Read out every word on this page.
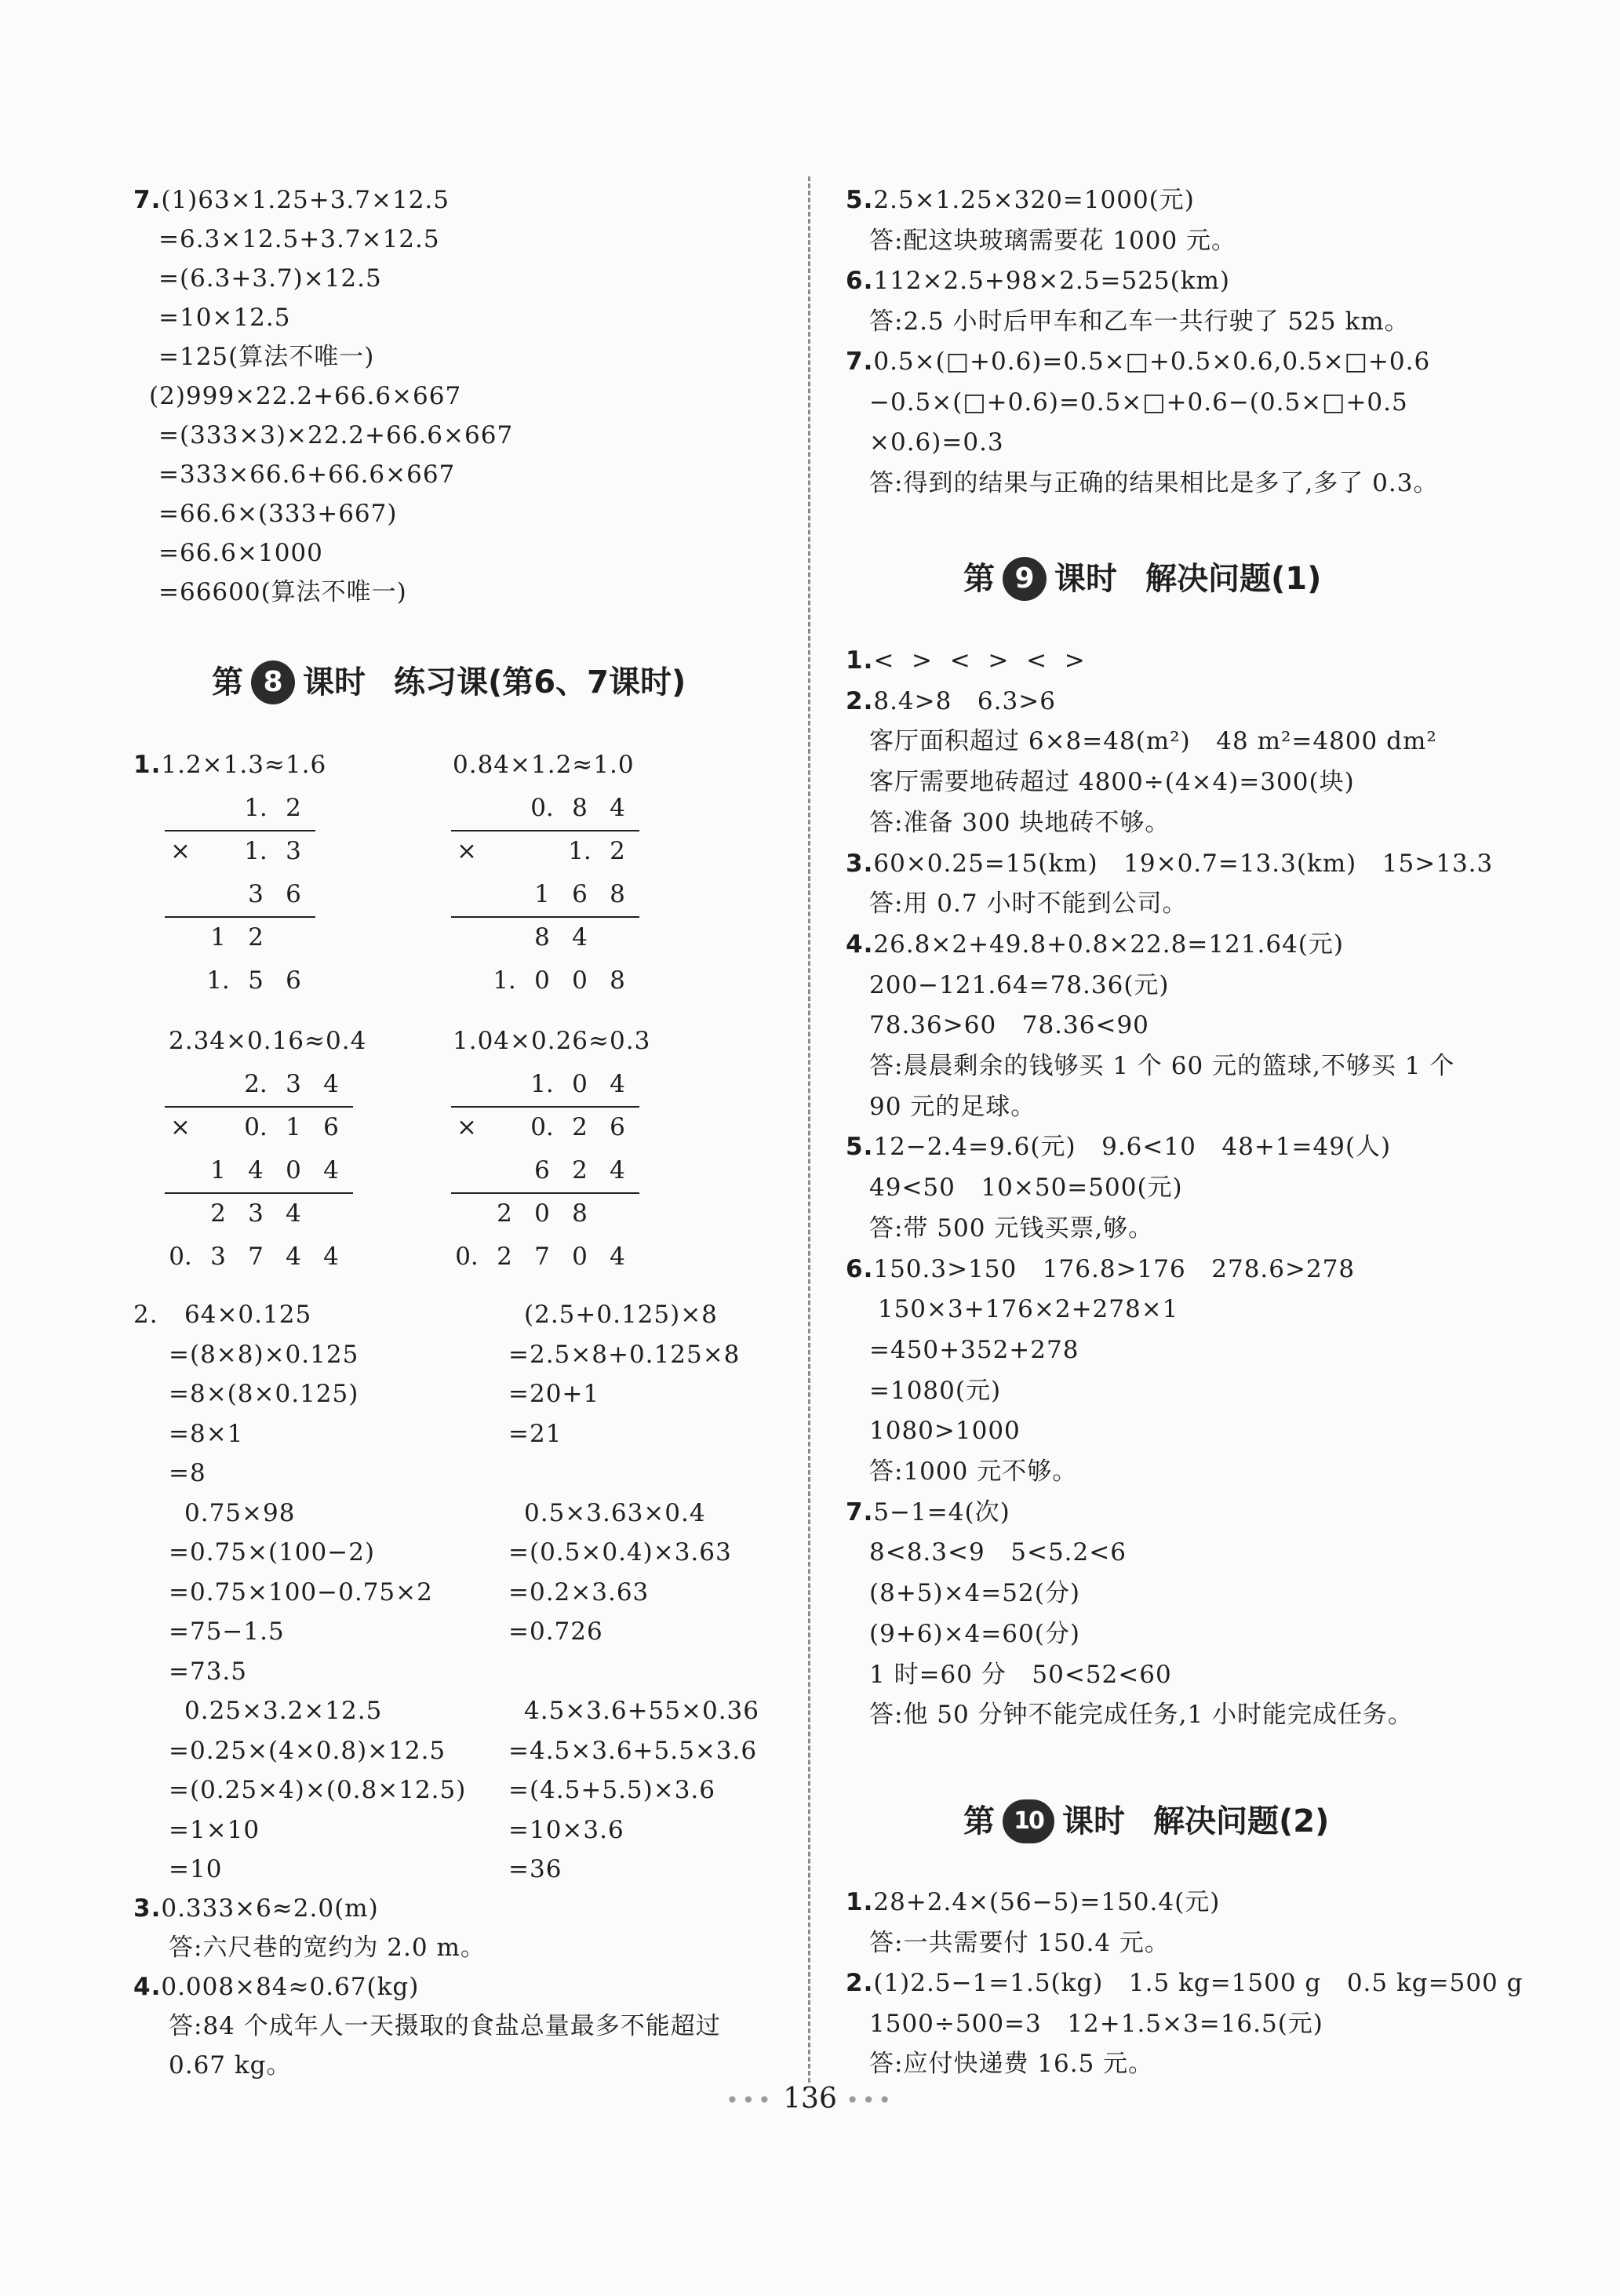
7.(1)63×1.25+3.7×12.5
=6.3×12.5+3.7×12.5
=(6.3+3.7)×12.5
=10×12.5
=125(算法不唯一)
(2)999×22.2+66.6×667
=(333×3)×22.2+66.6×667
=333×66.6+66.6×667
=66.6×(333+667)
=66.6×1000
=66600(算法不唯一)
第 8 课时 练习课(第6、7课时)
1.1.2×1.3≈1.6	0.84×1.2≈1.0
1. 2
× 1. 3
3 6
1 2
1. 5 6
0. 8 4
×	1. 2
1 6 8
8 4
1. 0 0 8
2.34×0.16≈0.4	1.04×0.26≈0.3
2. 3 4
× 0. 1 6
1 4 0 4
2 3 4
0. 3 7 4 4
1. 0 4
× 0. 2 6
6 2 4
2 0 8
0. 2 7 0 4
2. 64×0.125
=(8×8)×0.125
=8×(8×0.125)
=8×1
=8
0.75×98
=0.75×(100−2)
=0.75×100−0.75×2
=75−1.5
=73.5
0.25×3.2×12.5
=0.25×(4×0.8)×12.5
=(0.25×4)×(0.8×12.5)
=1×10
=10
(2.5+0.125)×8
=2.5×8+0.125×8
=20+1
=21
0.5×3.63×0.4
=(0.5×0.4)×3.63
=0.2×3.63
=0.726
4.5×3.6+55×0.36
=4.5×3.6+5.5×3.6
=(4.5+5.5)×3.6
=10×3.6
=36
3.0.333×6≈2.0(m)
答:六尺巷的宽约为 2.0 m。
4.0.008×84≈0.67(kg)
答:84 个成年人一天摄取的食盐总量最多不能超过
0.67 kg。
5.2.5×1.25×320=1000(元)
答:配这块玻璃需要花 1000 元。
6.112×2.5+98×2.5=525(km)
答:2.5 小时后甲车和乙车一共行驶了 525 km。
7.0.5×(□+0.6)=0.5×□+0.5×0.6,0.5×□+0.6
−0.5×(□+0.6)=0.5×□+0.6−(0.5×□+0.5
×0.6)=0.3
答:得到的结果与正确的结果相比是多了,多了 0.3。
第 9 课时 解决问题(1)
1.<  >  <  >  <  >
2.8.4>8   6.3>6
客厅面积超过 6×8=48(m²)   48 m²=4800 dm²
客厅需要地砖超过 4800÷(4×4)=300(块)
答:准备 300 块地砖不够。
3.60×0.25=15(km)   19×0.7=13.3(km)   15>13.3
答:用 0.7 小时不能到公司。
4.26.8×2+49.8+0.8×22.8=121.64(元)
200−121.64=78.36(元)
78.36>60   78.36<90
答:晨晨剩余的钱够买 1 个 60 元的篮球,不够买 1 个
90 元的足球。
5.12−2.4=9.6(元)   9.6<10   48+1=49(人)
49<50   10×50=500(元)
答:带 500 元钱买票,够。
6.150.3>150   176.8>176   278.6>278
150×3+176×2+278×1
=450+352+278
=1080(元)
1080>1000
答:1000 元不够。
7.5−1=4(次)
8<8.3<9   5<5.2<6
(8+5)×4=52(分)
(9+6)×4=60(分)
1 时=60 分   50<52<60
答:他 50 分钟不能完成任务,1 小时能完成任务。
第 10 课时 解决问题(2)
1.28+2.4×(56−5)=150.4(元)
答:一共需要付 150.4 元。
2.(1)2.5−1=1.5(kg)   1.5 kg=1500 g   0.5 kg=500 g
1500÷500=3   12+1.5×3=16.5(元)
答:应付快递费 16.5 元。
••• 136 •••
